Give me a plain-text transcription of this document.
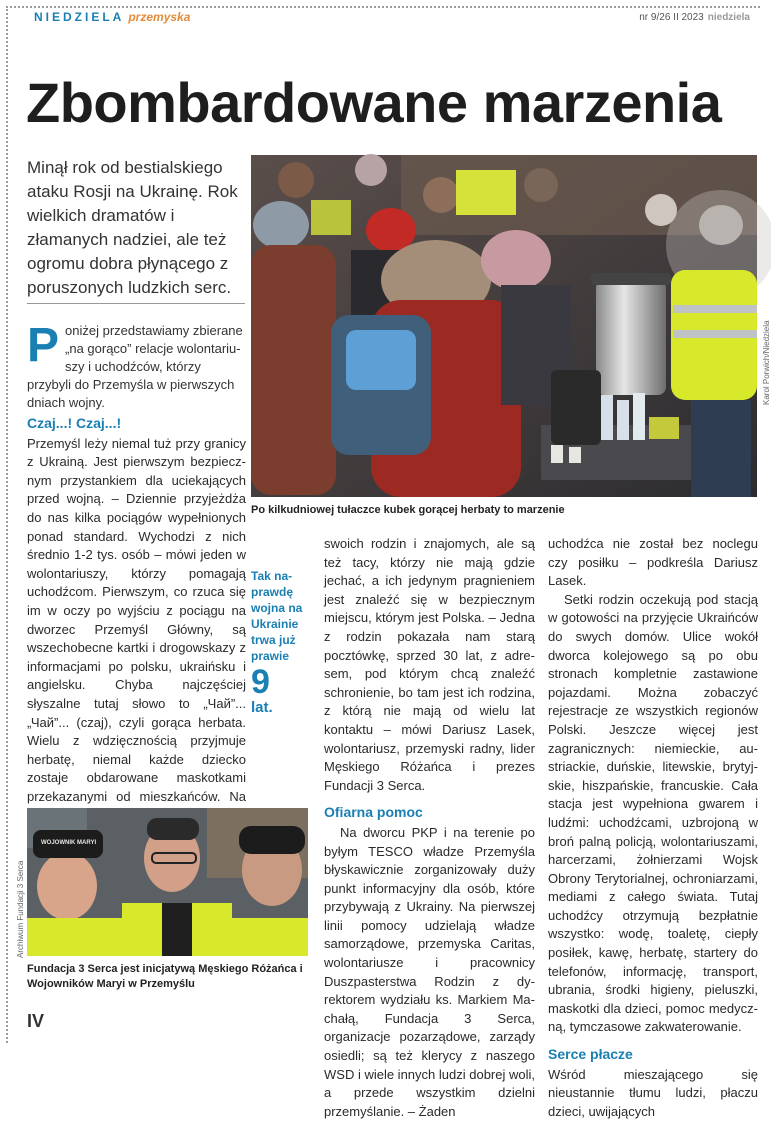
NIEDZIELA przemyska	nr 9/26 II 2023 niedziela
Zbombardowane marzenia
Minął rok od bestialskiego ataku Rosji na Ukrainę. Rok wielkich dramatów i złamanych nadziei, ale też ogromu dobra płynącego z poruszonych ludzkich serc.
Poniżej przedstawiamy zbierane „na gorąco” relacje wolontariuszy i uchodźców, którzy przybyli do Przemyśla w pierwszych dniach wojny.
Czaj...! Czaj...!

Przemyśl leży niemal tuż przy granicy z Ukrainą. Jest pierwszym bezpiecznym przystankiem dla uciekających przed wojną. – Dziennie przyjeżdża do nas kilka pociągów wypełnionych ponad standard. Wychodzi z nich średnio 1-2 tys. osób – mówi jeden w wolontariuszy, którzy pomagają uchodźcom. Pierwszym, co rzuca się im w oczy po wyjściu z pociągu na dworzec Przemyśl Główny, są wszechobecne kartki i drogowskazy z informacjami po polsku, ukraińsku i angielsku. Chyba najczęściej słyszalne tutaj słowo to „Чай”... „Чай”... (czaj), czyli gorąca herbata. Wielu z wdzięcznością przyjmuje herbatę, niemal każde dziecko zostaje obdarowane maskotkami przekazanymi od mieszkańców. Na

Karol Porwich/Niedziela
Po kilkudniowej tułaczce kubek gorącej herbaty to marzenie
Tak naprawdę wojna na Ukrainie trwa już prawie
9
lat.

swoich rodzin i znajomych, ale są też tacy, którzy nie mają gdzie jechać, a ich jedynym pragnieniem jest znaleźć się w bezpiecznym miejscu, którym jest Polska. – Jedna z rodzin pokazała nam starą pocztówkę, sprzed 30 lat, z adresem, pod którym chcą znaleźć schronienie, bo tam jest ich rodzina, z którą nie mają od wielu lat kontaktu – mówi Dariusz Lasek, wolontariusz, przemyski radny, lider Męskiego Różańca i prezes Fundacji 3 Serca.

Ofiarna pomoc

Na dworcu PKP i na terenie po byłym TESCO władze Przemyśla błyskawicznie zorganizowały duży punkt informacyjny dla osób, które przybywają z Ukrainy. Na pierwszej linii pomocy udzielają władze samorządowe, przemyska Caritas, wolontariusze i pracownicy Duszpasterstwa Rodzin z dyrektorem wydziału ks. Markiem Machałą, Fundacja 3 Serca, organizacje pozarządowe, zarządy osiedli; są też klerycy z naszego WSD i wiele innych ludzi dobrej woli, a przede wszystkim dzielni przemyślanie. – Żaden

uchodźca nie został bez noclegu czy posiłku – podkreśla Dariusz Lasek.

Setki rodzin oczekują pod stacją w gotowości na przyjęcie Ukraińców do swych domów. Ulice wokół dworca kolejowego są po obu stronach kompletnie zastawione pojazdami. Można zobaczyć rejestracje ze wszystkich regionów Polski. Jeszcze więcej jest zagranicznych: niemieckie, austriackie, duńskie, litewskie, brytyjskie, hiszpańskie, francuskie. Cała stacja jest wypełniona gwarem i ludźmi: uchodźcami, uzbrojoną w broń palną policją, wolontariuszami, harcerzami, żołnierzami Wojsk Obrony Terytorialnej, ochroniarzami, mediami z całego świata. Tutaj uchodźcy otrzymują bezpłatnie wszystko: wodę, toaletę, ciepły posiłek, kawę, herbatę, startery do telefonów, informację, transport, ubrania, środki higieny, pieluszki, maskotki dla dzieci, pomoc medyczną, tymczasowe zakwaterowanie.

Serce płacze

Wśród mieszającego się nieustannie tłumu ludzi, płaczu dzieci, uwijających

WOJOWNIK MARYI
Archiwum Fundacji 3 Serca
Fundacja 3 Serca jest inicjatywą Męskiego Różańca i Wojowników Maryi w Przemyślu
IV
